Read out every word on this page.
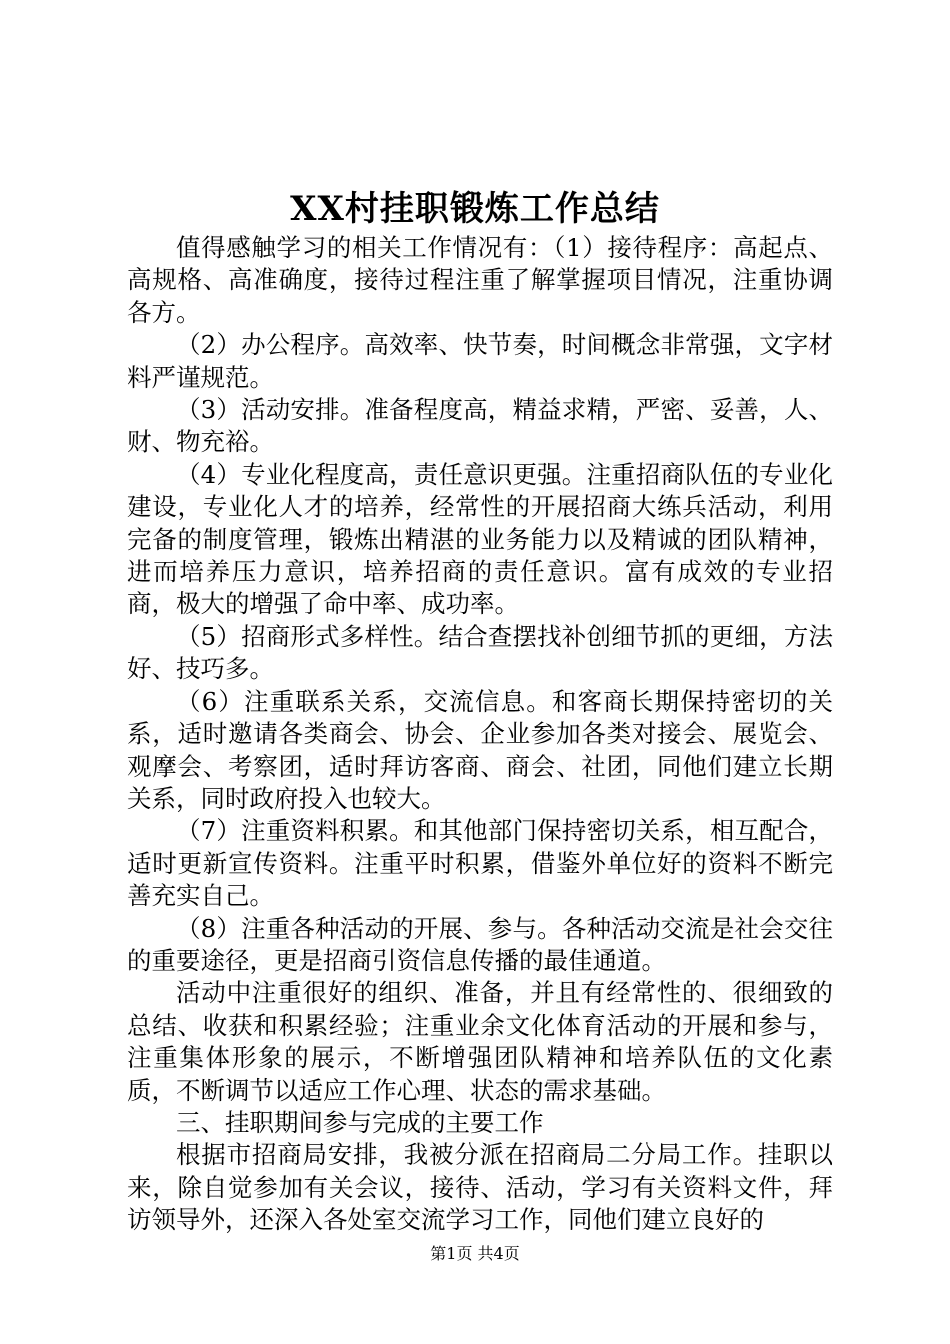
XX村挂职锻炼工作总结

值得感触学习的相关工作情况有：（1）接待程序：高起点、高规格、高准确度，接待过程注重了解掌握项目情况，注重协调各方。

（2）办公程序。高效率、快节奏，时间概念非常强，文字材料严谨规范。

（3）活动安排。准备程度高，精益求精，严密、妥善，人、财、物充裕。

（4）专业化程度高，责任意识更强。注重招商队伍的专业化建设，专业化人才的培养，经常性的开展招商大练兵活动，利用完备的制度管理，锻炼出精湛的业务能力以及精诚的团队精神，进而培养压力意识，培养招商的责任意识。富有成效的专业招商，极大的增强了命中率、成功率。

（5）招商形式多样性。结合查摆找补创细节抓的更细，方法好、技巧多。

（6）注重联系关系，交流信息。和客商长期保持密切的关系，适时邀请各类商会、协会、企业参加各类对接会、展览会、观摩会、考察团，适时拜访客商、商会、社团，同他们建立长期关系，同时政府投入也较大。

（7）注重资料积累。和其他部门保持密切关系，相互配合，适时更新宣传资料。注重平时积累，借鉴外单位好的资料不断完善充实自己。

（8）注重各种活动的开展、参与。各种活动交流是社会交往的重要途径，更是招商引资信息传播的最佳通道。

活动中注重很好的组织、准备，并且有经常性的、很细致的总结、收获和积累经验；注重业余文化体育活动的开展和参与，注重集体形象的展示，不断增强团队精神和培养队伍的文化素质，不断调节以适应工作心理、状态的需求基础。

三、挂职期间参与完成的主要工作

根据市招商局安排，我被分派在招商局二分局工作。挂职以来，除自觉参加有关会议，接待、活动，学习有关资料文件，拜访领导外，还深入各处室交流学习工作，同他们建立良好的

第1页 共4页
